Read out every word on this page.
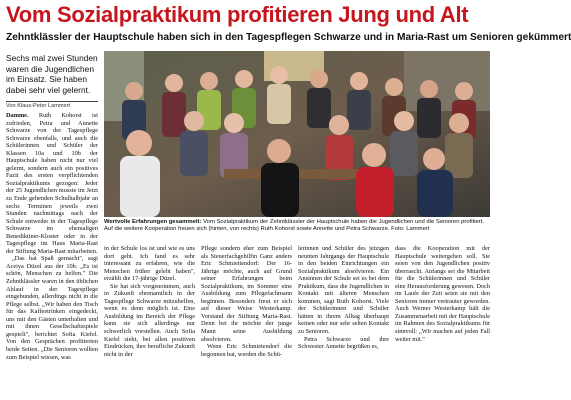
Vom Sozialpraktikum profitieren Jung und Alt
Zehntklässler der Hauptschule haben sich in den Tagespflegen Schwarze und in Maria-Rast um Senioren gekümmert
Sechs mal zwei Stunden waren die Jugendlichen im Einsatz. Sie haben dabei sehr viel gelernt.
Von Klaus-Peter Lammert
Wertvolle Erfahrungen gesammelt: Vom Sozialpraktikum der Zehntklässler der Hauptschule haben die Jugendlichen und die Senioren profitiert. Auf die weitere Kooperation freuen sich (hinten, von rechts) Ruth Kohorst sowie Annette und Petra Schwarze. Foto: Lammert

Damme. Ruth Kohorst ist zufrieden, Petra und Annette Schwarze von der Tagespflege Schwarze ebenfalls, und auch die Schülerinnen und Schüler der Klassen 10a und 10b der Hauptschule haben nicht nur viel gelernt, sondern auch ein positives Fazit des ersten verpflichtenden Sozialpraktikums gezogen: Jeder der 25 Jugendlichen musste im Jetzt zu Ende gehenden Schulhalbjahr an sechs Terminen jeweils zwei Stunden nachmittags nach der Schule entweder in der Tagespflege Schwarze im ehemaligen Benediktiner-Kloster oder in der Tagespflege im Haus Maria-Rast der Stiftung Maria-Rast mitarbeiten.

„Das hat Spaß gemacht", sagt Aceiya Düzel aus der 10b. „Es ist schön, Menschen zu helfen." Die Zehntklässler waren in den üblichen Ablauf in der Tagespflege eingebunden, allerdings nicht in die Pflege selbst. „Wir haben den Tisch für das Kaffeetrinken eingedeckt, uns mit den Gästen unterhalten und mit ihnen Gesellschaftsspiele gespielt", berichtet Sofia Kiefel. Von den Gesprächen profitierten beide Seiten. „Die Senioren wollten zum Beispiel wissen, was

in der Schule los ist und wie es uns dort geht. Ich fand es sehr interessant zu erfahren, wie die Menschen früher gelebt haben", erzählt die 17-jährige Düzel.

Sie hat sich vorgenommen, auch in Zukunft ehrenamtlich in der Tagespflege Schwarze mitzuhelfen, wenn es denn möglich ist. Eine Ausbildung im Bereich der Pflege kann sie sich allerdings nur schwerlich vorstellen. Auch Sofia Kiefel sieht, bei allen positiven Eindrücken, ihre berufliche Zukunft nicht in der

Pflege sondern eher zum Beispiel als Steuerfachgehilfin Ganz anders Eric Schmiettendorf: Der 16-Jährige möchte, auch auf Grund seiner Erfahrungen beim Sozialpraktikum, im Sommer eine Ausbildung zum Pflegefachmann beginnen. Besonders freut er sich auf dieser Weise Westerkamp. Vorstand der Stiftung Maria-Rast. Denn bei ihr möchte der junge Mann seine Ausbildung absolvieren.

Wenn Eric Schmietendorf die begonnen hat, werden die Schü-

lerinnen und Schüler des jetzigen neunten Jahrgangs der Hauptschule in den beiden Einrichtungen ein Sozialpraktikum absolvieren. Ein Ansinnen der Schule sei es bei dem Praktikum, dass die Jugendlichen in Kontakt mit älteren Menschen kommen, sagt Ruth Kohorst. Viele der Schülerinnen und Schüler hätten in ihrem Alltag überhaupt keinen oder nur sehr selten Kontakt zu Senioren.

Petra Schwarze und ihre Schwester Annette begrüßen es,

dass die Kooperation mit der Hauptschule weitergehen soll. Sie seien von den Jugendlichen positiv überrascht. Anfangs sei die Mitarbeit für die Schülerinnen und Schüler eine Herausforderung gewesen. Doch im Laufe der Zeit seien sie mit den Senioren immer vertrauter geworden. Auch Werner Westerkamp hält die Zusammenarbeit mit der Hauptschule im Rahmen des Sozialpraktikums für sinnvoll: „Wir machen auf jeden Fall weiter mit."
